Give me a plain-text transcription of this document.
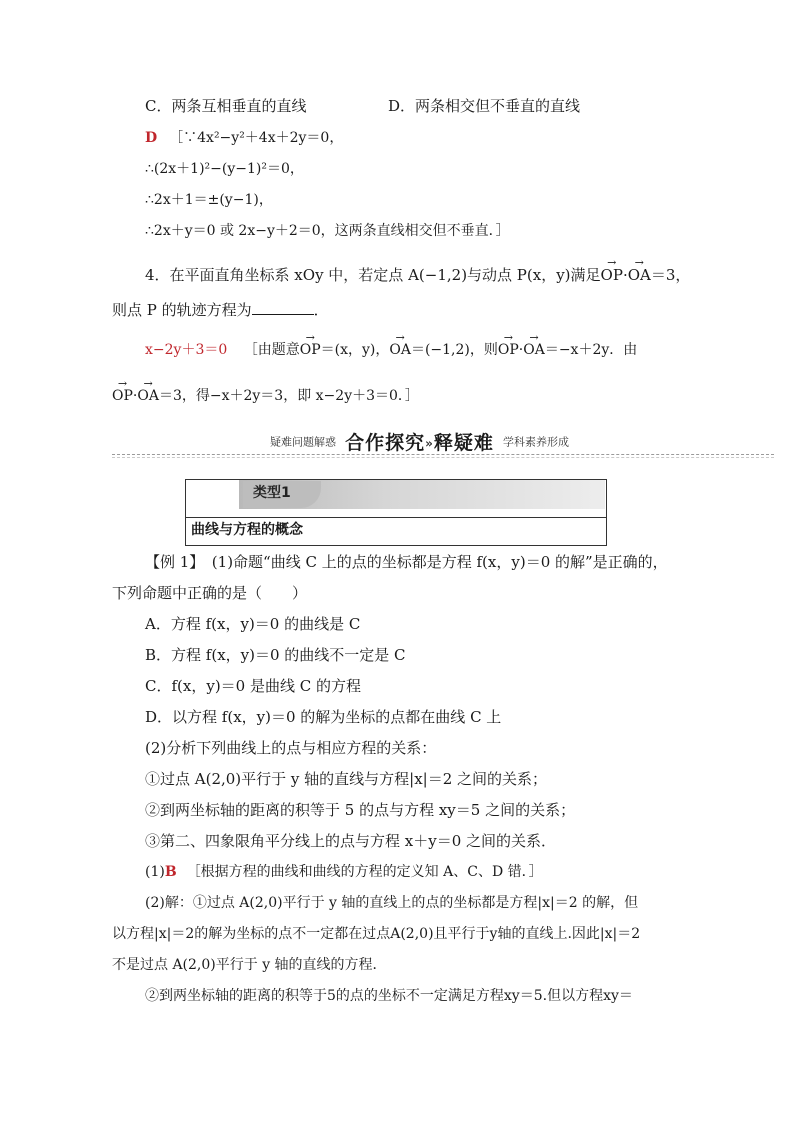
C．两条互相垂直的直线	D．两条相交但不垂直的直线
D ［∵4x²−y²＋4x＋2y＝0，
∴(2x＋1)²−(y−1)²＝0，
∴2x＋1＝±(y−1)，
∴2x＋y＝0 或 2x−y＋2＝0，这两条直线相交但不垂直．］
4．在平面直角坐标系 xOy 中，若定点 A(−1,2)与动点 P(x，y)满足→ OP·→ OA＝3，
则点 P 的轨迹方程为	．
x−2y＋3＝0 ［由题意→ OP＝(x，y)，→ OA＝(−1,2)，则→ OP·→ OA＝−x＋2y．由
→ OP·→ OA＝3，得−x＋2y＝3，即 x−2y＋3＝0．］
疑难问题解惑 合作探究»释疑难 学科素养形成
类型1
曲线与方程的概念
【例 1】　(1)命题“曲线 C 上的点的坐标都是方程 f(x，y)＝0 的解”是正确的，
下列命题中正确的是（　　）
A．方程 f(x，y)＝0 的曲线是 C
B．方程 f(x，y)＝0 的曲线不一定是 C
C．f(x，y)＝0 是曲线 C 的方程
D．以方程 f(x，y)＝0 的解为坐标的点都在曲线 C 上
(2)分析下列曲线上的点与相应方程的关系：
①过点 A(2,0)平行于 y 轴的直线与方程|x|＝2 之间的关系；
②到两坐标轴的距离的积等于 5 的点与方程 xy＝5 之间的关系；
③第二、四象限角平分线上的点与方程 x＋y＝0 之间的关系．
(1)B ［根据方程的曲线和曲线的方程的定义知 A、C、D 错．］
(2)解：①过点 A(2,0)平行于 y 轴的直线上的点的坐标都是方程|x|＝2 的解，但
以方程|x|＝2的解为坐标的点不一定都在过点A(2,0)且平行于y轴的直线上.因此|x|＝2
不是过点 A(2,0)平行于 y 轴的直线的方程．
②到两坐标轴的距离的积等于5的点的坐标不一定满足方程xy＝5.但以方程xy＝
